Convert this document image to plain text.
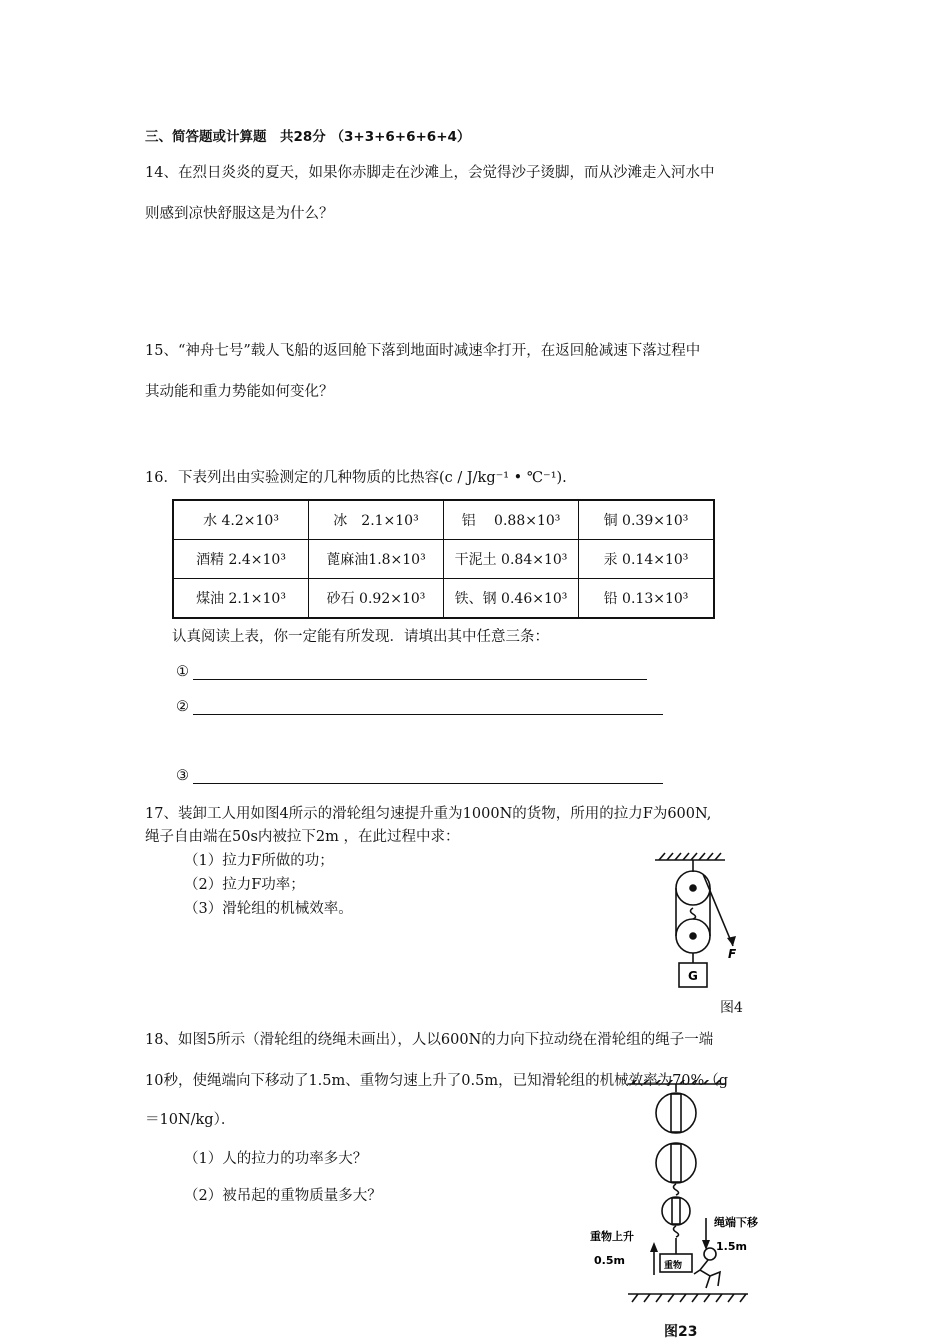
三、简答题或计算题　共28分 （3+3+6+6+6+4）
14、在烈日炎炎的夏天，如果你赤脚走在沙滩上，会觉得沙子烫脚，而从沙滩走入河水中
则感到凉快舒服这是为什么？
15、“神舟七号”载人飞船的返回舱下落到地面时减速伞打开，在返回舱减速下落过程中
其动能和重力势能如何变化？
16．下表列出由实验测定的几种物质的比热容(c / J/kg⁻¹ • ℃⁻¹).
水 4.2×10³	冰　2.1×10³	铝　 0.88×10³	铜 0.39×10³
酒精 2.4×10³	蓖麻油1.8×10³	干泥土 0.84×10³	汞 0.14×10³
煤油 2.1×10³	砂石 0.92×10³	铁、钢 0.46×10³	铅 0.13×10³
认真阅读上表，你一定能有所发现．请填出其中任意三条：
①
②
③
17、装卸工人用如图4所示的滑轮组匀速提升重为1000N的货物，所用的拉力F为600N,
绳子自由端在50s内被拉下2m ，在此过程中求：
（1）拉力F所做的功；
（2）拉力F功率；
（3）滑轮组的机械效率。
F
G
图4
18、如图5所示（滑轮组的绕绳未画出），人以600N的力向下拉动绕在滑轮组的绳子一端
10秒，使绳端向下移动了1.5m、重物匀速上升了0.5m，已知滑轮组的机械效率为70%（g
＝10N/kg）．
（1）人的拉力的功率多大？
（2）被吊起的重物质量多大？
重物上升
0.5m
绳端下移
1.5m
重物
图23
